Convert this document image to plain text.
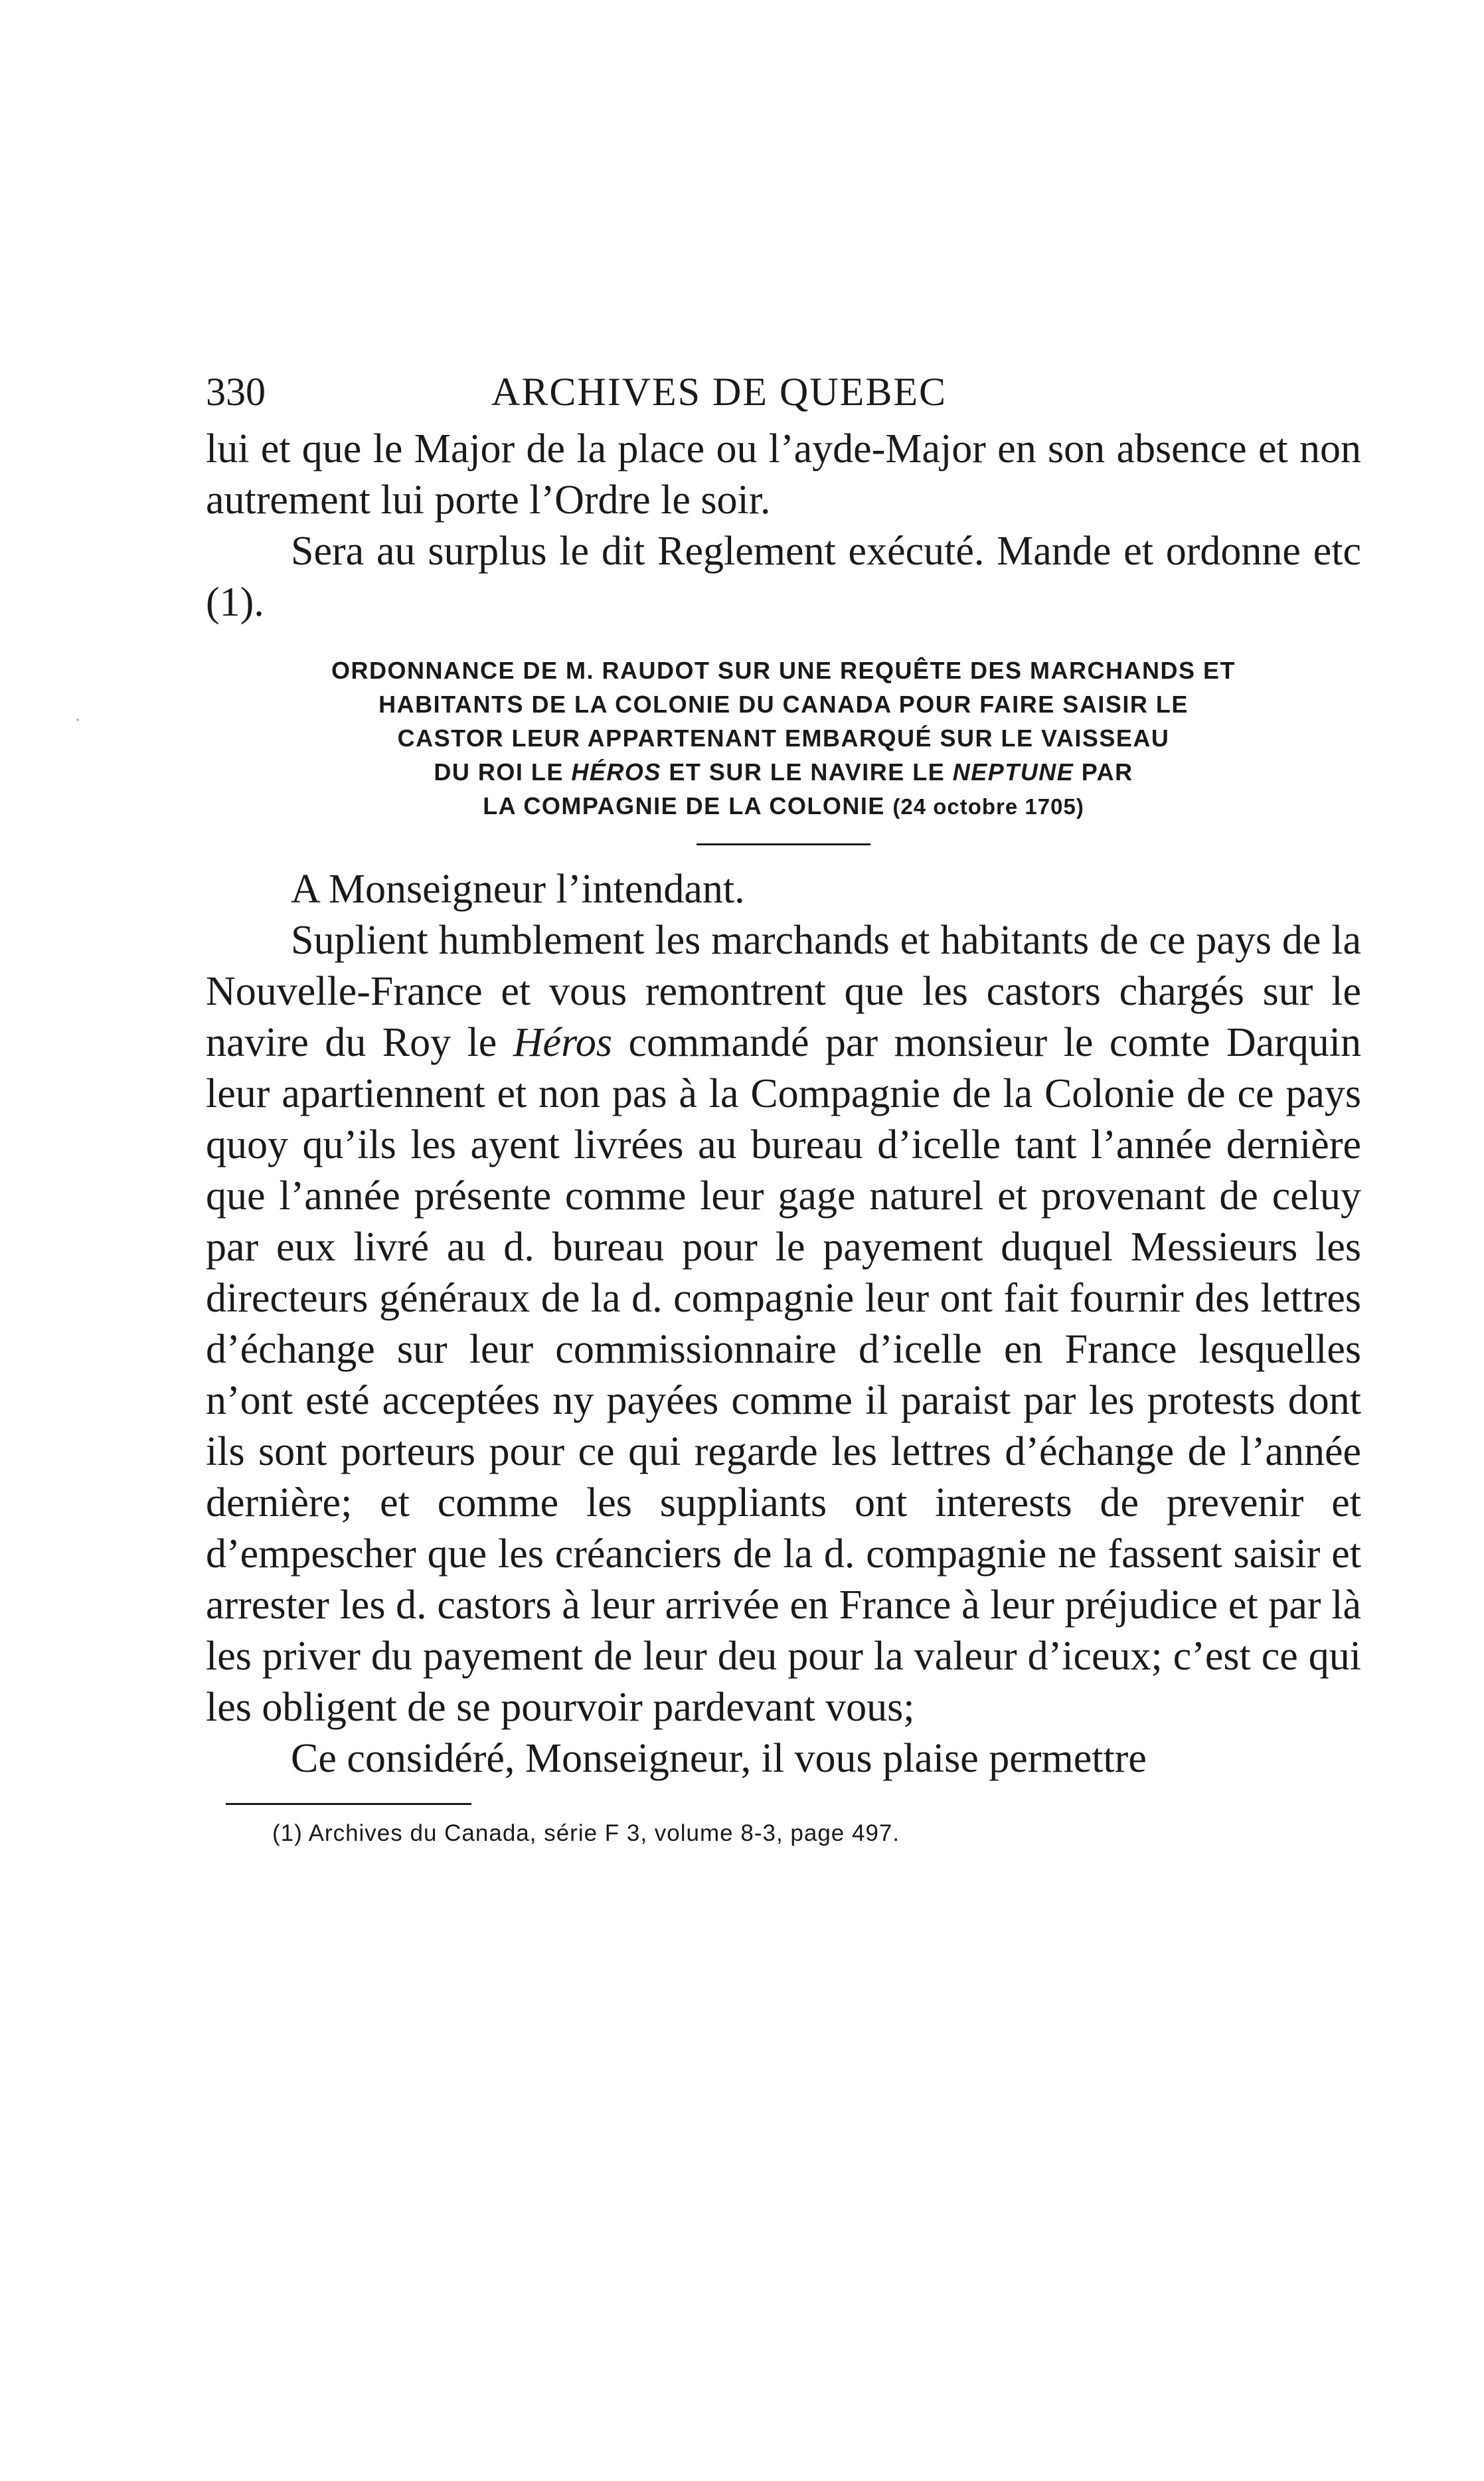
330	ARCHIVES DE QUEBEC

lui et que le Major de la place ou l’ayde-Major en son absence et non autrement lui porte l’Ordre le soir.

Sera au surplus le dit Reglement exécuté. Mande et ordonne etc (1).

ORDONNANCE DE M. RAUDOT SUR UNE REQUÊTE DES MARCHANDS ET
HABITANTS DE LA COLONIE DU CANADA POUR FAIRE SAISIR LE
CASTOR LEUR APPARTENANT EMBARQUÉ SUR LE VAISSEAU
DU ROI LE HÉROS ET SUR LE NAVIRE LE NEPTUNE PAR
LA COMPAGNIE DE LA COLONIE (24 octobre 1705)

A Monseigneur l’intendant.

Suplient humblement les marchands et habitants de ce pays de la Nouvelle-France et vous remontrent que les castors chargés sur le navire du Roy le Héros commandé par monsieur le comte Darquin leur apartiennent et non pas à la Compagnie de la Colonie de ce pays quoy qu’ils les ayent livrées au bureau d’icelle tant l’année dernière que l’année présente comme leur gage naturel et provenant de celuy par eux livré au d. bureau pour le payement duquel Messieurs les directeurs généraux de la d. compagnie leur ont fait fournir des lettres d’échange sur leur commissionnaire d’icelle en France lesquelles n’ont esté acceptées ny payées comme il paraist par les protests dont ils sont porteurs pour ce qui regarde les lettres d’échange de l’année dernière; et comme les suppliants ont interests de prevenir et d’empescher que les créanciers de la d. compagnie ne fassent saisir et arrester les d. castors à leur arrivée en France à leur préjudice et par là les priver du payement de leur deu pour la valeur d’iceux; c’est ce qui les obligent de se pourvoir pardevant vous;

Ce considéré, Monseigneur, il vous plaise permettre

(1) Archives du Canada, série F 3, volume 8-3, page 497.
